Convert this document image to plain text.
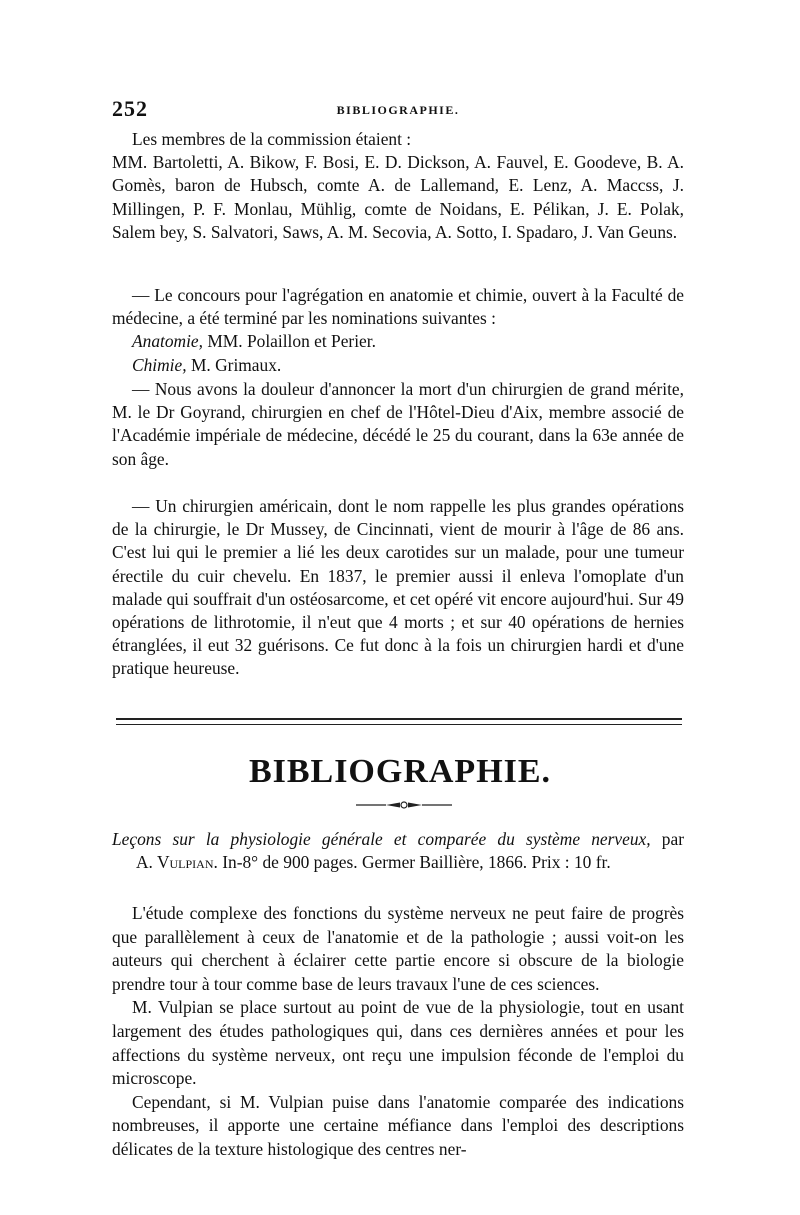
252	BIBLIOGRAPHIE.

Les membres de la commission étaient :

MM. Bartoletti, A. Bikow, F. Bosi, E. D. Dickson, A. Fauvel, E. Goodeve, B. A. Gomès, baron de Hubsch, comte A. de Lallemand, E. Lenz, A. Maccss, J. Millingen, P. F. Monlau, Mühlig, comte de Noidans, E. Pélikan, J. E. Polak, Salem bey, S. Salvatori, Saws, A. M. Secovia, A. Sotto, I. Spadaro, J. Van Geuns.

— Le concours pour l'agrégation en anatomie et chimie, ouvert à la Faculté de médecine, a été terminé par les nominations suivantes :

Anatomie, MM. Polaillon et Perier.
Chimie, M. Grimaux.

— Nous avons la douleur d'annoncer la mort d'un chirurgien de grand mérite, M. le Dr Goyrand, chirurgien en chef de l'Hôtel-Dieu d'Aix, membre associé de l'Académie impériale de médecine, décédé le 25 du courant, dans la 63e année de son âge.

— Un chirurgien américain, dont le nom rappelle les plus grandes opérations de la chirurgie, le Dr Mussey, de Cincinnati, vient de mourir à l'âge de 86 ans. C'est lui qui le premier a lié les deux carotides sur un malade, pour une tumeur érectile du cuir chevelu. En 1837, le premier aussi il enleva l'omoplate d'un malade qui souffrait d'un ostéosarcome, et cet opéré vit encore aujourd'hui. Sur 49 opérations de lithrotomie, il n'eut que 4 morts ; et sur 40 opérations de hernies étranglées, il eut 32 guérisons. Ce fut donc à la fois un chirurgien hardi et d'une pratique heureuse.

BIBLIOGRAPHIE.
Leçons sur la physiologie générale et comparée du système nerveux, par
A. Vulpian. In-8° de 900 pages. Germer Baillière, 1866. Prix : 10 fr.

L'étude complexe des fonctions du système nerveux ne peut faire de progrès que parallèlement à ceux de l'anatomie et de la pathologie ; aussi voit-on les auteurs qui cherchent à éclairer cette partie encore si obscure de la biologie prendre tour à tour comme base de leurs travaux l'une de ces sciences.

M. Vulpian se place surtout au point de vue de la physiologie, tout en usant largement des études pathologiques qui, dans ces dernières années et pour les affections du système nerveux, ont reçu une impulsion féconde de l'emploi du microscope.

Cependant, si M. Vulpian puise dans l'anatomie comparée des indications nombreuses, il apporte une certaine méfiance dans l'emploi des descriptions délicates de la texture histologique des centres ner-
